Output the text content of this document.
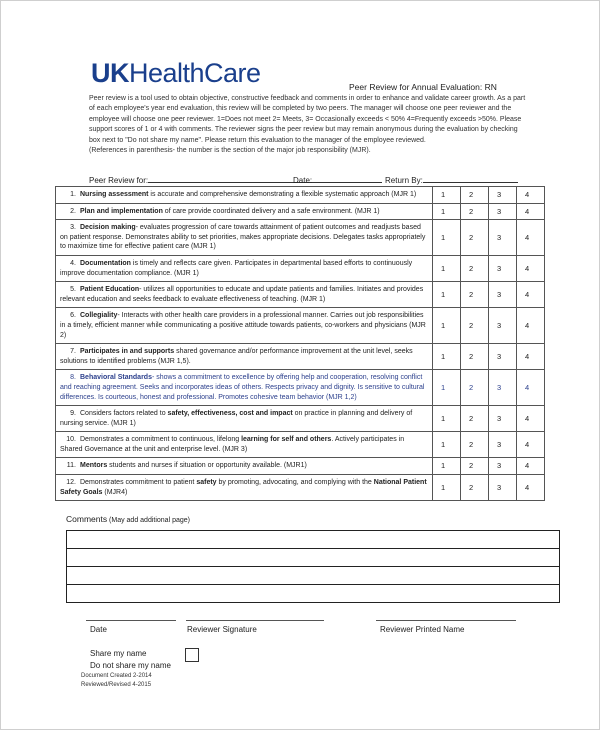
UKHealthCare	Peer Review for Annual Evaluation: RN

Peer review is a tool used to obtain objective, constructive feedback and comments in order to enhance and validate career growth. As a part of each employee's year end evaluation, this review will be completed by two peers. The manager will choose one peer reviewer and the employee will choose one peer reviewer. 1=Does not meet 2= Meets, 3= Occasionally exceeds < 50% 4=Frequently exceeds >50%. Please support scores of 1 or 4 with comments. The reviewer signs the peer review but may remain anonymous during the evaluation by checking box next to "Do not share my name". Please return this evaluation to the manager of the employee reviewed.

(References in parenthesis- the number is the section of the major job responsibility (MJR).

Peer Review for:	Date:	Return By:
1. Nursing assessment is accurate and comprehensive demonstrating a flexible systematic approach (MJR 1)	1	2	3	4
2. Plan and implementation of care provide coordinated delivery and a safe environment. (MJR 1)	1	2	3	4
3. Decision making- evaluates progression of care towards attainment of patient outcomes and readjusts based on patient response. Demonstrates ability to set priorities, makes appropriate decisions. Delegates tasks appropriately to maximize time for effective patient care (MJR 1)	1	2	3	4
4. Documentation is timely and reflects care given. Participates in departmental based efforts to continuously improve documentation compliance. (MJR 1)	1	2	3	4
5. Patient Education- utilizes all opportunities to educate and update patients and families. Initiates and provides relevant education and seeks feedback to evaluate effectiveness of teaching. (MJR 1)	1	2	3	4
6. Collegiality- Interacts with other health care providers in a professional manner. Carries out job responsibilities in a timely, efficient manner while communicating a positive attitude towards patients, co-workers and physicians (MJR 2)	1	2	3	4
7. Participates in and supports shared governance and/or performance improvement at the unit level, seeks solutions to identified problems (MJR 1,5).	1	2	3	4
8. Behavioral Standards- shows a commitment to excellence by offering help and cooperation, resolving conflict and reaching agreement. Seeks and incorporates ideas of others. Respects privacy and dignity. Is sensitive to cultural differences. Is courteous, honest and professional. Promotes cohesive team behavior (MJR 1,2)	1	2	3	4
9. Considers factors related to safety, effectiveness, cost and impact on practice in planning and delivery of nursing service. (MJR 1)	1	2	3	4
10. Demonstrates a commitment to continuous, lifelong learning for self and others. Actively participates in Shared Governance at the unit and enterprise level. (MJR 3)	1	2	3	4
11. Mentors students and nurses if situation or opportunity available. (MJR1)	1	2	3	4
12. Demonstrates commitment to patient safety by promoting, advocating, and complying with the National Patient Safety Goals (MJR4)	1	2	3	4
Comments (May add additional page)

Date	Reviewer Signature	Reviewer Printed Name
Share my name
Do not share my name
Document Created 2-2014
Reviewed/Revised 4-2015
